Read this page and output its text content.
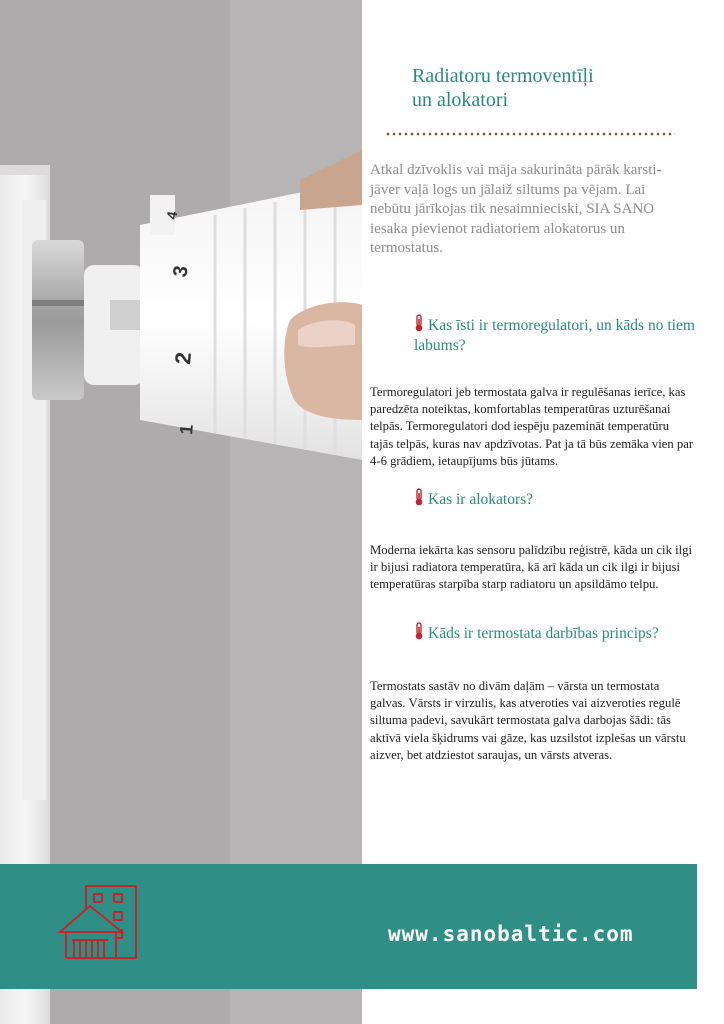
4
3
2
1
Radiatoru termoventīļi
un alokatori
Atkal dzīvoklis vai māja sakurināta pārāk karsti-jāver vaļā logs un jālaiž siltums pa vējam. Lai nebūtu jārīkojas tik nesaimnieciski, SIA SANO iesaka pievienot radiatoriem alokatorus un termostatus.
Kas īsti ir termoregulatori, un kāds no tiem labums?
Termoregulatori jeb termostata galva ir regulēšanas ierīce, kas paredzēta noteiktas, komfortablas temperatūras uzturēšanai telpās. Termoregulatori dod iespēju pazemināt temperatūru tajās telpās, kuras nav apdzīvotas. Pat ja tā būs zemāka vien par 4-6 grādiem, ietaupījums būs jūtams.
Kas ir alokators?
Moderna iekārta kas sensoru palīdzību reģistrē, kāda un cik ilgi ir bijusi radiatora temperatūra, kā arī kāda un cik ilgi ir bijusi temperatūras starpība starp radiatoru un apsildāmo telpu.
Kāds ir termostata darbības princips?
Termostats sastāv no divām daļām – vārsta un termostata galvas. Vārsts ir virzulis, kas atveroties vai aizveroties regulē siltuma padevi, savukārt termostata galva darbojas šādi: tās aktīvā viela šķidrums vai gāze, kas uzsilstot izplešas un vārstu aizver, bet atdziestot saraujas, un vārsts atveras.
www.sanobaltic.com
